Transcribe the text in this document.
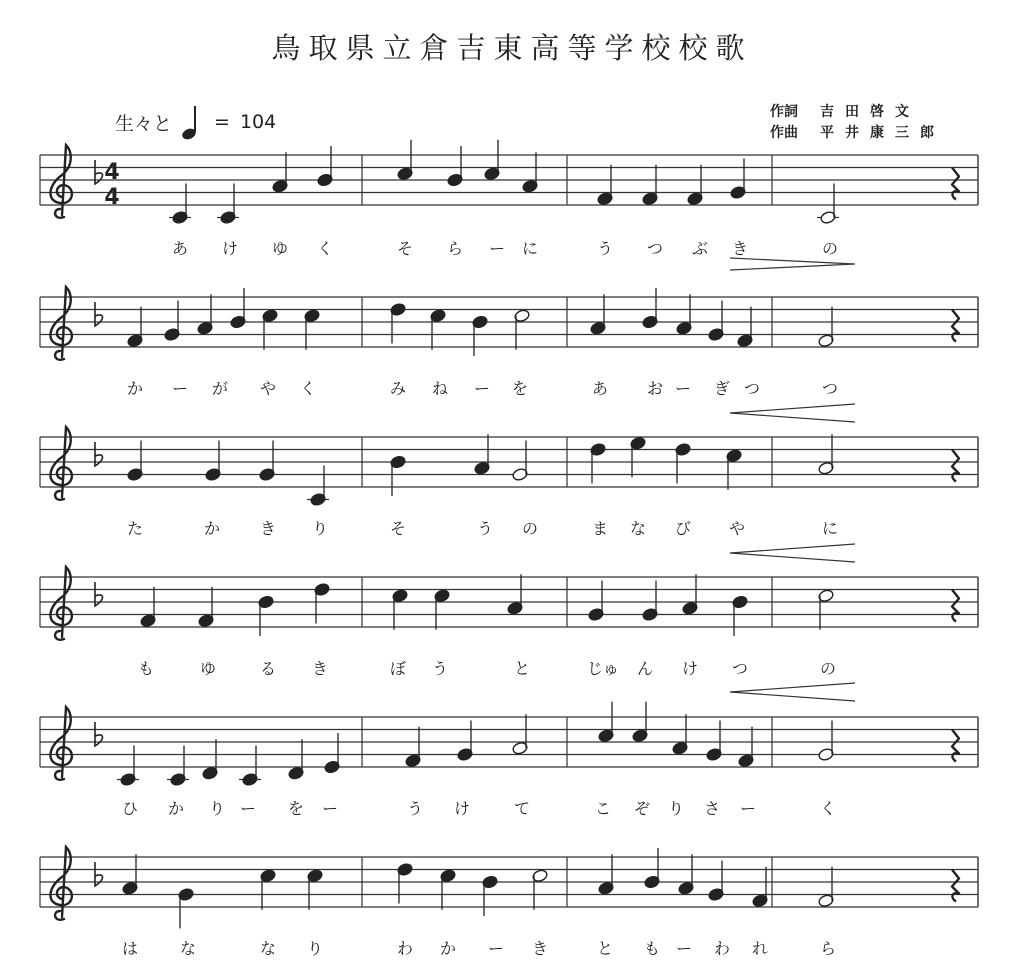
鳥取県立倉吉東高等学校校歌
生々と = 104	作詞	吉田啓文
作曲	平井康三郎
4
4
あ け ゆ く	そ ら ー に	う つ ぶ き	の
か ー が や く	み ね ー を	あ お ー ぎ つ	つ
た	か き り	そ	う の	ま な び や	に
も	ゆ	る き	ぼ う	と	じゅ ん け つ	の
ひ か り ー を ー	う け	て	こ ぞ り さ ー	く
は	な	な り	わ か ー き	と も ー わ れ	ら
